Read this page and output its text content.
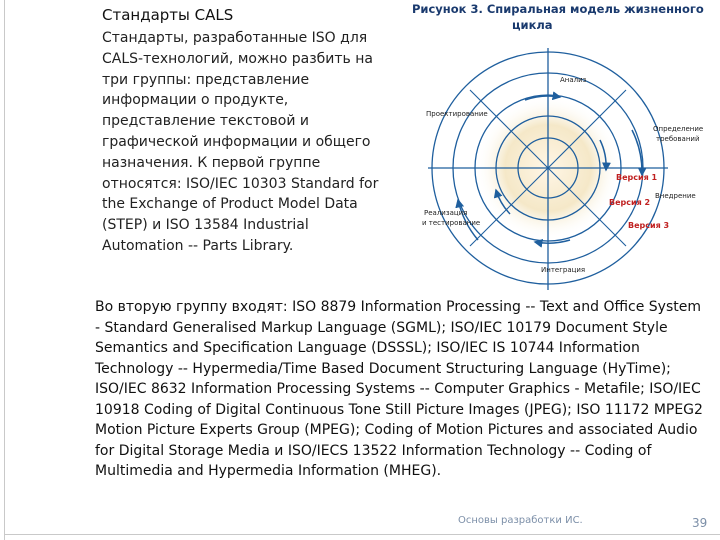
Стандарты CALS
Стандарты, разработанные ISO для CALS-технологий, можно разбить на три группы: представление информации о продукте, представление текстовой и графической информации и общего назначения. К первой группе относятся: ISO/IEC 10303 Standard for the Exchange of Product Model Data (STEP) и ISO 13584 Industrial Automation -- Parts Library.
Рисунок 3. Спиральная модель жизненного
цикла
Анализ
Проектирование
Определение
требований
Внедрение
Реализация
и тестирование
Интеграция
Версия 1
Версия 2
Версия 3
Во вторую группу входят: ISO 8879 Information Processing -- Text and Office System - Standard Generalised Markup Language (SGML); ISO/IEC 10179 Document Style Semantics and Specification Language (DSSSL); ISO/IEC IS 10744 Information Technology -- Hypermedia/Time Based Document Structuring Language (HyTime); ISO/IEC 8632 Information Processing Systems -- Computer Graphics - Metafile; ISO/IEC 10918 Coding of Digital Continuous Tone Still Picture Images (JPEG); ISO 11172 MPEG2 Motion Picture Experts Group (MPEG); Coding of Motion Pictures and associated Audio for Digital Storage Media и ISO/IECS 13522 Information Technology -- Coding of Multimedia and Hypermedia Information (MHEG).
Основы разработки ИС.	39
